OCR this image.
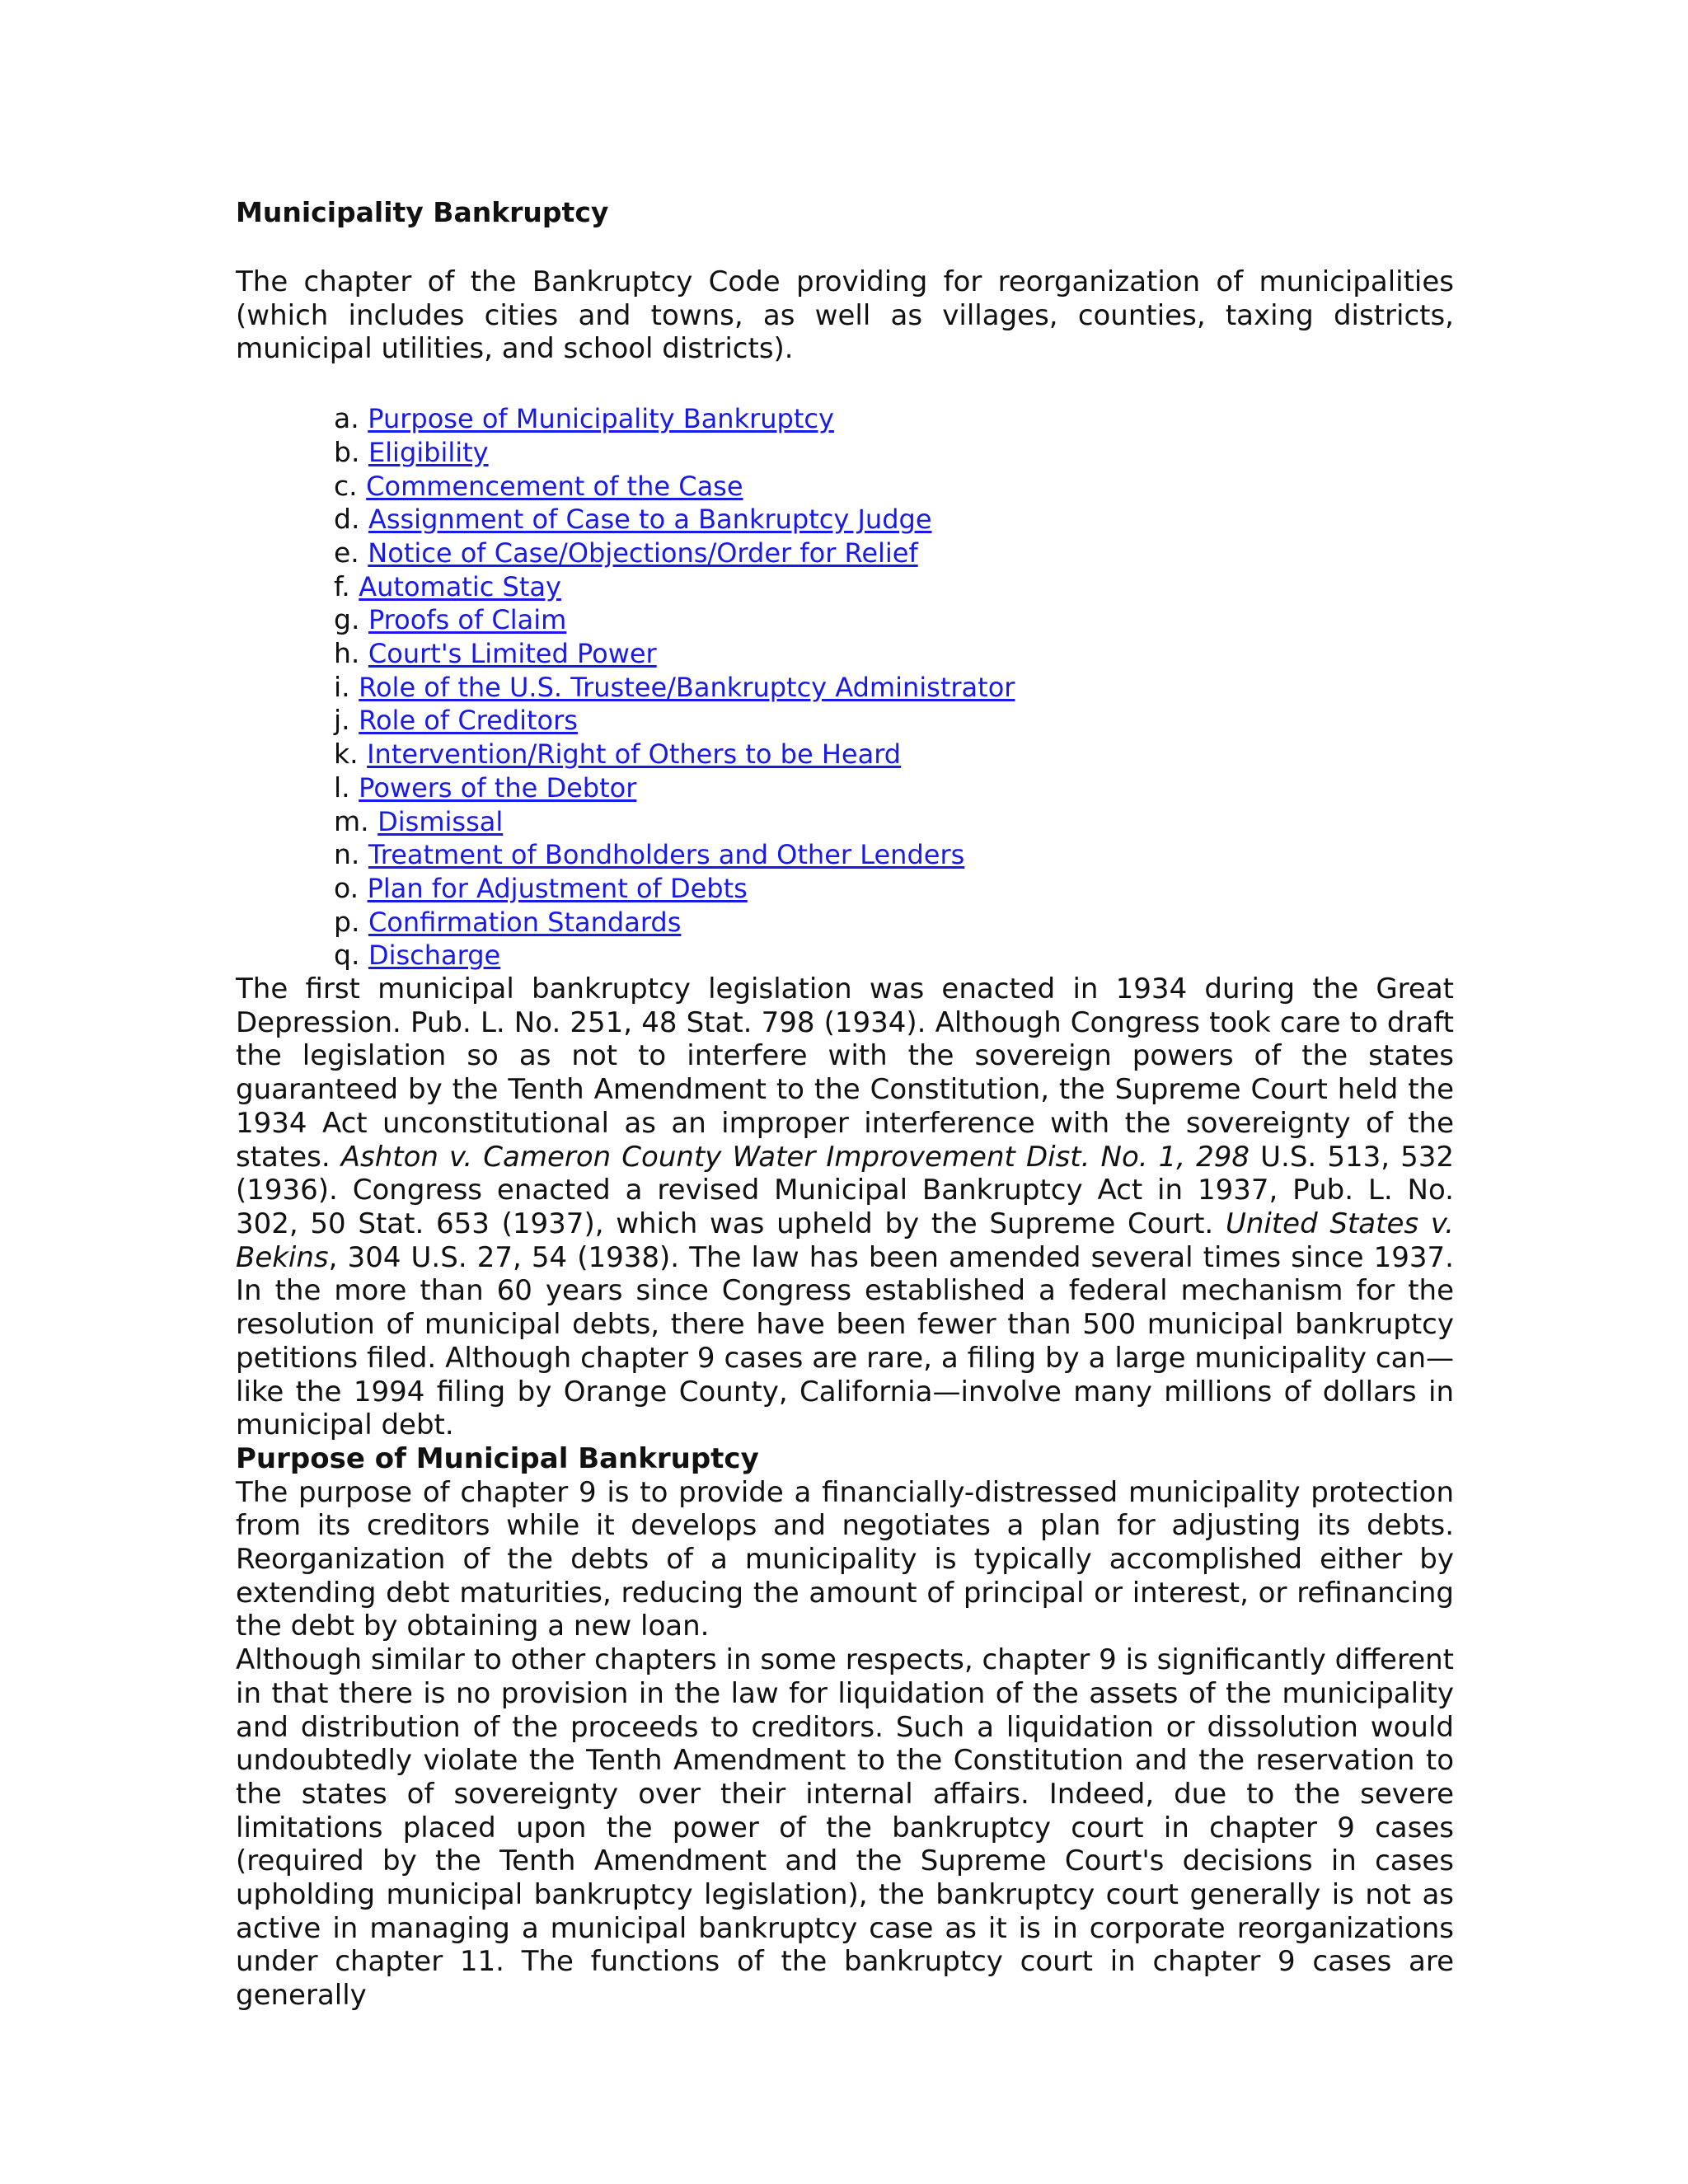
Municipality Bankruptcy

The chapter of the Bankruptcy Code providing for reorganization of municipalities (which includes cities and towns, as well as villages, counties, taxing districts, municipal utilities, and school districts).

a. Purpose of Municipality Bankruptcy
b. Eligibility
c. Commencement of the Case
d. Assignment of Case to a Bankruptcy Judge
e. Notice of Case/Objections/Order for Relief
f. Automatic Stay
g. Proofs of Claim
h. Court's Limited Power
i. Role of the U.S. Trustee/Bankruptcy Administrator
j. Role of Creditors
k. Intervention/Right of Others to be Heard
l. Powers of the Debtor
m. Dismissal
n. Treatment of Bondholders and Other Lenders
o. Plan for Adjustment of Debts
p. Confirmation Standards
q. Discharge

The first municipal bankruptcy legislation was enacted in 1934 during the Great Depression. Pub. L. No. 251, 48 Stat. 798 (1934). Although Congress took care to draft the legislation so as not to interfere with the sovereign powers of the states guaranteed by the Tenth Amendment to the Constitution, the Supreme Court held the 1934 Act unconstitutional as an improper interference with the sovereignty of the states. Ashton v. Cameron County Water Improvement Dist. No. 1, 298 U.S. 513, 532 (1936). Congress enacted a revised Municipal Bankruptcy Act in 1937, Pub. L. No. 302, 50 Stat. 653 (1937), which was upheld by the Supreme Court. United States v. Bekins, 304 U.S. 27, 54 (1938). The law has been amended several times since 1937. In the more than 60 years since Congress established a federal mechanism for the resolution of municipal debts, there have been fewer than 500 municipal bankruptcy petitions filed. Although chapter 9 cases are rare, a filing by a large municipality can— like the 1994 filing by Orange County, California—involve many millions of dollars in municipal debt.

Purpose of Municipal Bankruptcy

The purpose of chapter 9 is to provide a financially-distressed municipality protection from its creditors while it develops and negotiates a plan for adjusting its debts. Reorganization of the debts of a municipality is typically accomplished either by extending debt maturities, reducing the amount of principal or interest, or refinancing the debt by obtaining a new loan.

Although similar to other chapters in some respects, chapter 9 is significantly different in that there is no provision in the law for liquidation of the assets of the municipality and distribution of the proceeds to creditors. Such a liquidation or dissolution would undoubtedly violate the Tenth Amendment to the Constitution and the reservation to the states of sovereignty over their internal affairs. Indeed, due to the severe limitations placed upon the power of the bankruptcy court in chapter 9 cases (required by the Tenth Amendment and the Supreme Court's decisions in cases upholding municipal bankruptcy legislation), the bankruptcy court generally is not as active in managing a municipal bankruptcy case as it is in corporate reorganizations under chapter 11. The functions of the bankruptcy court in chapter 9 cases are generally
